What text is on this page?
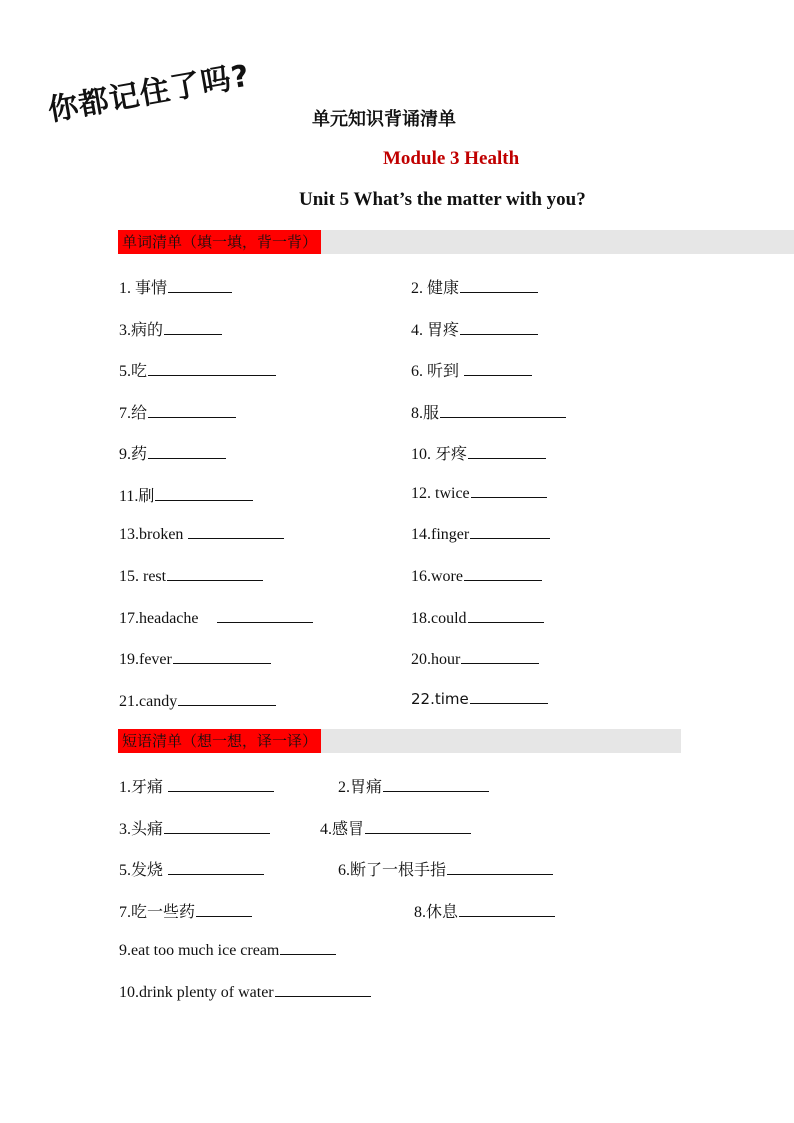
你都记住了吗?	单元知识背诵清单
Module 3 Health
Unit 5 What’s the matter with you?
单词清单（填一填，背一背）
1. 事情	2. 健康
3.病的	4. 胃疼
5.吃	6. 听到
7.给	8.服
9.药	10. 牙疼
11.刷	12. twice
13.broken	14.finger
15. rest	16.wore
17.headache	18.could
19.fever	20.hour
21.candy	22.time
短语清单（想一想，译一译）
1.牙痛	2.胃痛
3.头痛	4.感冒
5.发烧	6.断了一根手指
7.吃一些药	8.休息
9.eat too much ice cream
10.drink plenty of water
